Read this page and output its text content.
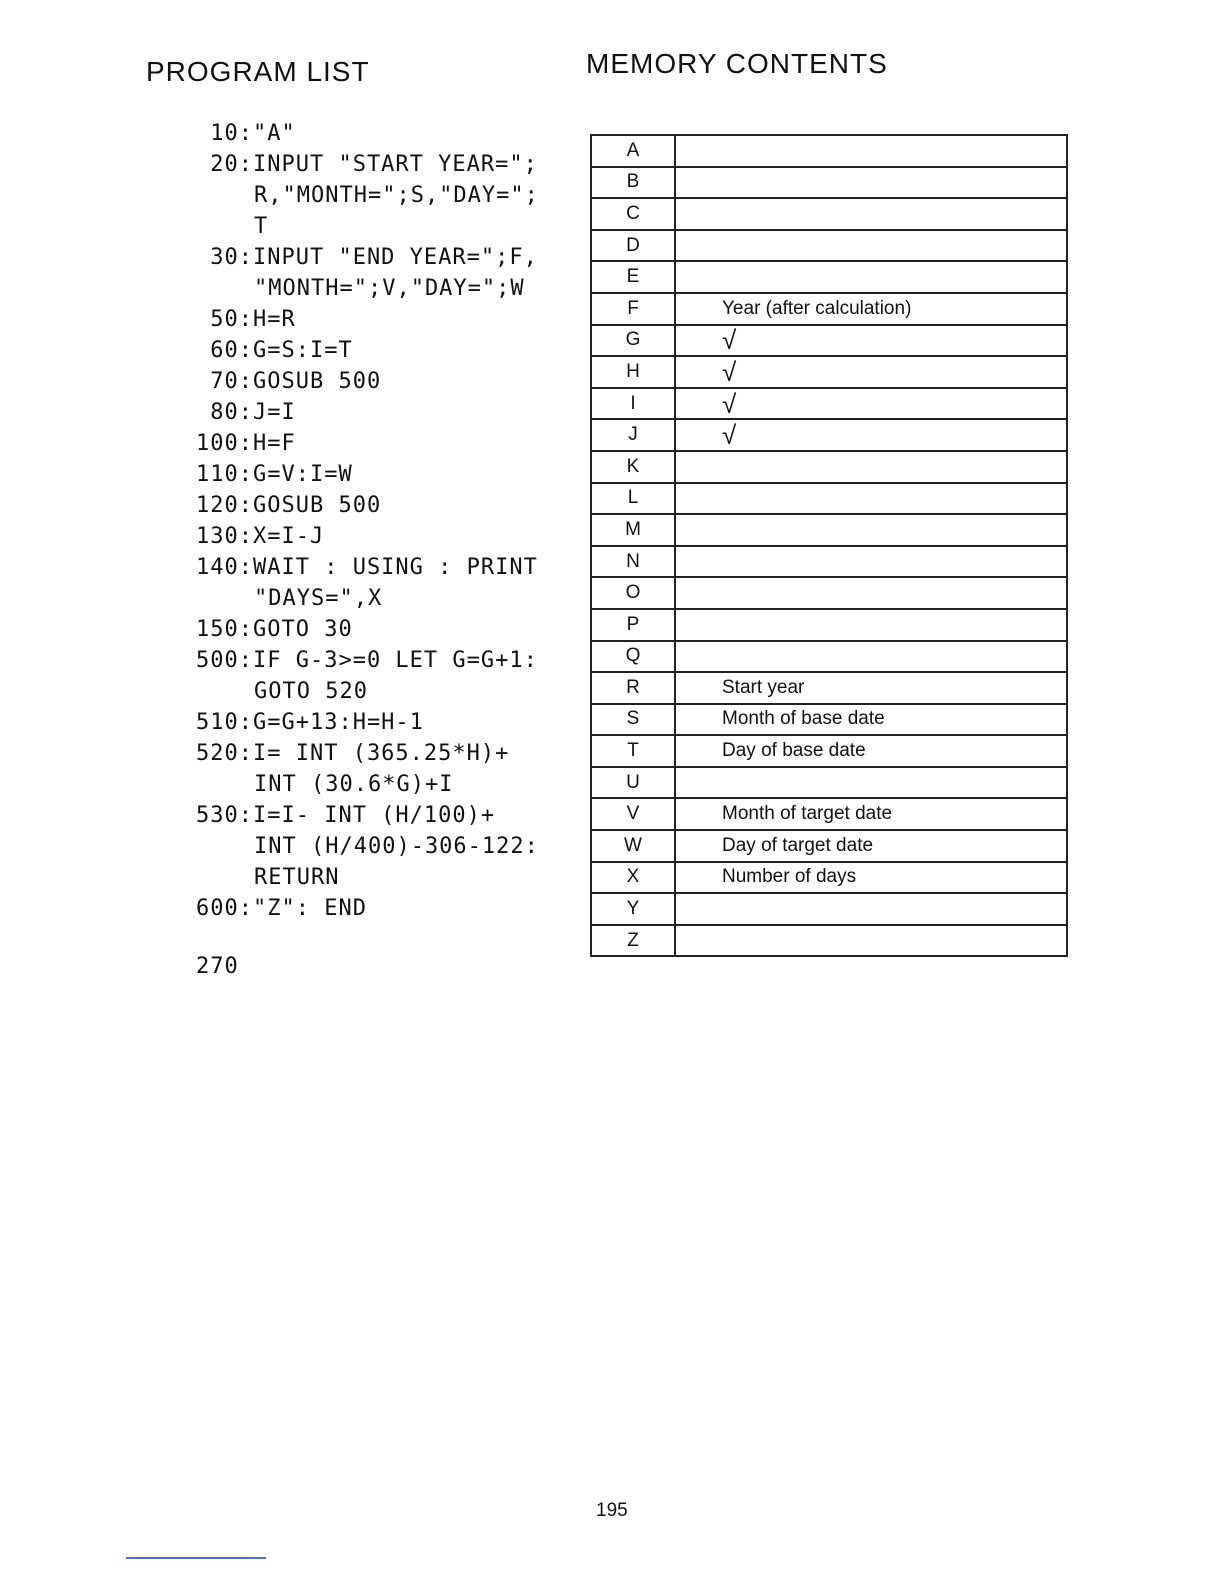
PROGRAM LIST	MEMORY CONTENTS
10:"A"
20:INPUT "START YEAR=";
R,"MONTH=";S,"DAY=";
T
30:INPUT "END YEAR=";F,
"MONTH=";V,"DAY=";W
50:H=R
60:G=S:I=T
70:GOSUB 500
80:J=I
100:H=F
110:G=V:I=W
120:GOSUB 500
130:X=I-J
140:WAIT : USING : PRINT
"DAYS=",X
150:GOTO 30
500:IF G-3>=0 LET G=G+1:
GOTO 520
510:G=G+13:H=H-1
520:I= INT (365.25*H)+
INT (30.6*G)+I
530:I=I- INT (H/100)+
INT (H/400)-306-122:
RETURN
600:"Z": END
270
A	
B	
C	
D	
E	
F	Year (after calculation)
G	√
H	√
I	√
J	√
K	
L	
M	
N	
O	
P	
Q	
R	Start year
S	Month of base date
T	Day of base date
U	
V	Month of target date
W	Day of target date
X	Number of days
Y	
Z	
195
